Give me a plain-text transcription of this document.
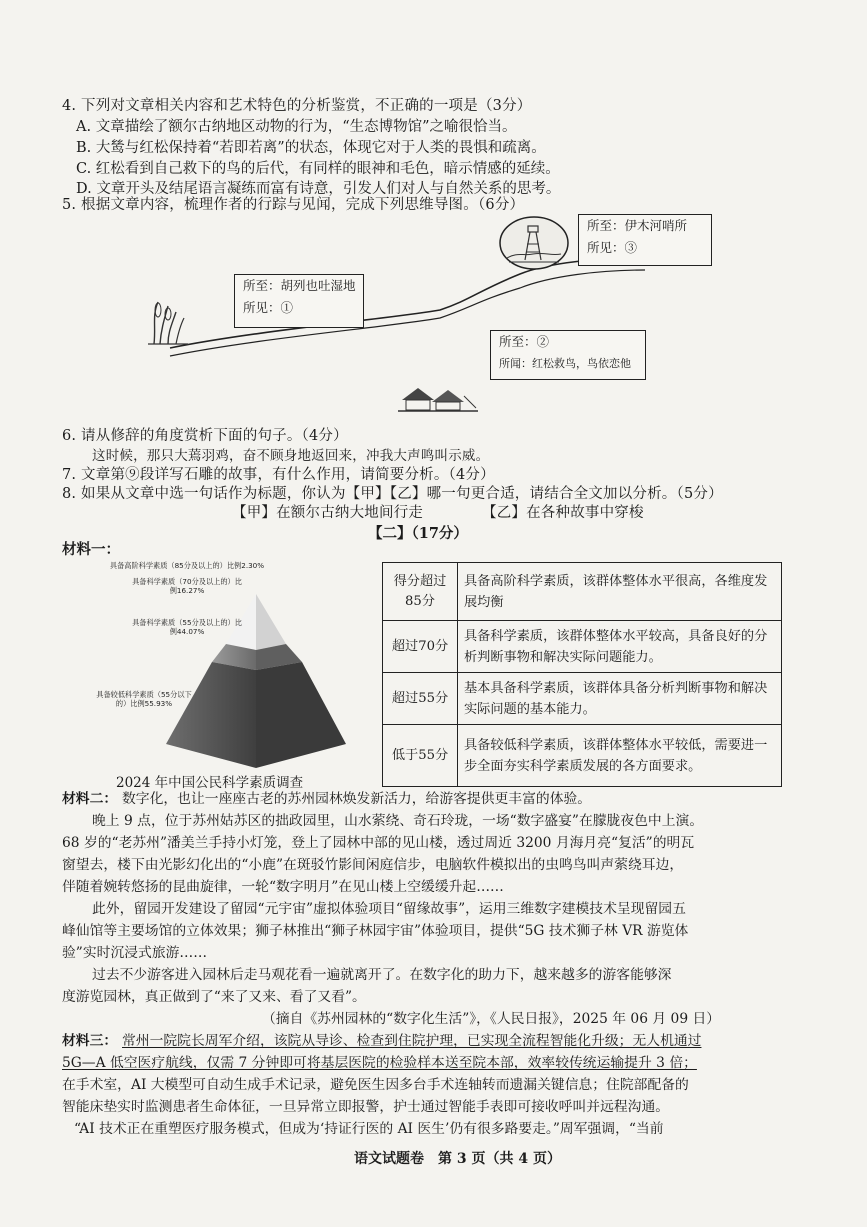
4. 下列对文章相关内容和艺术特色的分析鉴赏，不正确的一项是（3分）
A. 文章描绘了额尔古纳地区动物的行为，“生态博物馆”之喻很恰当。
B. 大鸶与红松保持着“若即若离”的状态，体现它对于人类的畏惧和疏离。
C. 红松看到自己救下的鸟的后代，有同样的眼神和毛色，暗示情感的延续。
D. 文章开头及结尾语言凝练而富有诗意，引发人们对人与自然关系的思考。
5. 根据文章内容，梳理作者的行踪与见闻，完成下列思维导图。（6分）
所至：胡列也吐湿地
所见：①
所至：②
所闻：红松救鸟，鸟依恋他
所至：伊木河哨所
所见：③
6. 请从修辞的角度赏析下面的句子。（4分）
这时候，那只大蔫羽鸡，奋不顾身地返回来，冲我大声鸣叫示威。
7. 文章第⑨段详写石雕的故事，有什么作用，请简要分析。（4分）
8. 如果从文章中选一句话作为标题，你认为【甲】【乙】哪一句更合适，请结合全文加以分析。（5分）
【甲】在额尔古纳大地间行走	【乙】在各种故事中穿梭
【二】（17分）
材料一：
具备高阶科学素质（85分及以上的）比例2.30%
具备科学素质（70分及以上的）比例16.27%
具备科学素质（55分及以上的）比例44.07%
具备较低科学素质（55分以下的）比例55.93%
2024 年中国公民科学素质调查
得分超过85分	具备高阶科学素质，该群体整体水平很高，各维度发展均衡
超过70分	具备科学素质，该群体整体水平较高，具备良好的分析判断事物和解决实际问题能力。
超过55分	基本具备科学素质，该群体具备分析判断事物和解决实际问题的基本能力。
低于55分	具备较低科学素质，该群体整体水平较低，需要进一步全面夯实科学素质发展的各方面要求。
材料二： 数字化，也让一座座古老的苏州园林焕发新活力，给游客提供更丰富的体验。
晚上 9 点，位于苏州姑苏区的拙政园里，山水萦绕、奇石玲珑，一场“数字盛宴”在朦胧夜色中上演。
68 岁的“老苏州”潘美兰手持小灯笼，登上了园林中部的见山楼，透过周近 3200 月海月亮“复活”的明瓦
窗望去，楼下由光影幻化出的“小鹿”在斑驳竹影间闲庭信步，电脑软件模拟出的虫鸣鸟叫声萦绕耳边，
伴随着婉转悠扬的昆曲旋律，一轮“数字明月”在见山楼上空缓缓升起……
此外，留园开发建设了留园“元宇宙”虚拟体验项目“留缘故事”，运用三维数字建模技术呈现留园五
峰仙馆等主要场馆的立体效果；狮子林推出“狮子林园宇宙”体验项目，提供“5G 技术狮子林 VR 游览体
验”实时沉浸式旅游……
过去不少游客进入园林后走马观花看一遍就离开了。在数字化的助力下，越来越多的游客能够深
度游览园林，真正做到了“来了又来、看了又看”。
（摘自《苏州园林的“数字化生活”》，《人民日报》，2025 年 06 月 09 日）
材料三： 常州一院院长周军介绍，该院从导诊、检查到住院护理，已实现全流程智能化升级；无人机通过
5G—A 低空医疗航线，仅需 7 分钟即可将基层医院的检验样本送至院本部，效率较传统运输提升 3 倍；
在手术室，AI 大模型可自动生成手术记录，避免医生因多台手术连轴转而遗漏关键信息；住院部配备的
智能床垫实时监测患者生命体征，一旦异常立即报警，护士通过智能手表即可接收呼叫并远程沟通。
“AI 技术正在重塑医疗服务模式，但成为‘持证行医的 AI 医生’仍有很多路要走。”周军强调，“当前
语文试题卷　第 3 页（共 4 页）
